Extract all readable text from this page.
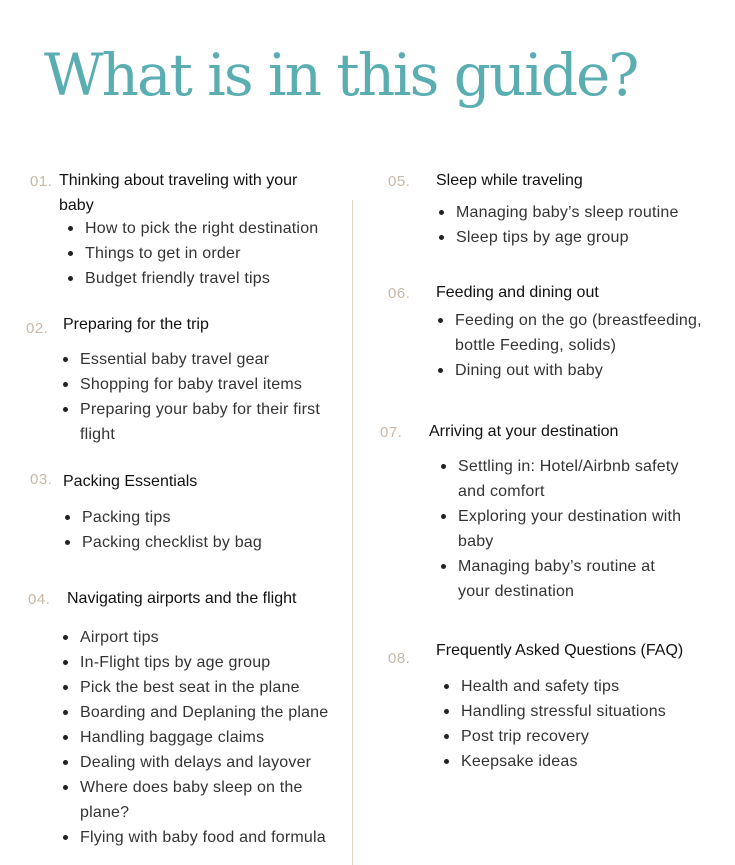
What is in this guide?
01. Thinking about traveling with your baby
How to pick the right destination
Things to get in order
Budget friendly travel tips
02. Preparing for the trip
Essential baby travel gear
Shopping for baby travel items
Preparing your baby for their first flight
03. Packing Essentials
Packing tips
Packing checklist by bag
04. Navigating airports and the flight
Airport tips
In-Flight tips by age group
Pick the best seat in the plane
Boarding and Deplaning the plane
Handling baggage claims
Dealing with delays and layover
Where does baby sleep on the plane?
Flying with baby food and formula
05. Sleep while traveling
Managing baby’s sleep routine
Sleep tips by age group
06. Feeding and dining out
Feeding on the go (breastfeeding, bottle Feeding, solids)
Dining out with baby
07. Arriving at your destination
Settling in: Hotel/Airbnb safety and comfort
Exploring your destination with baby
Managing baby’s routine at your destination
08. Frequently Asked Questions (FAQ)
Health and safety tips
Handling stressful situations
Post trip recovery
Keepsake ideas
